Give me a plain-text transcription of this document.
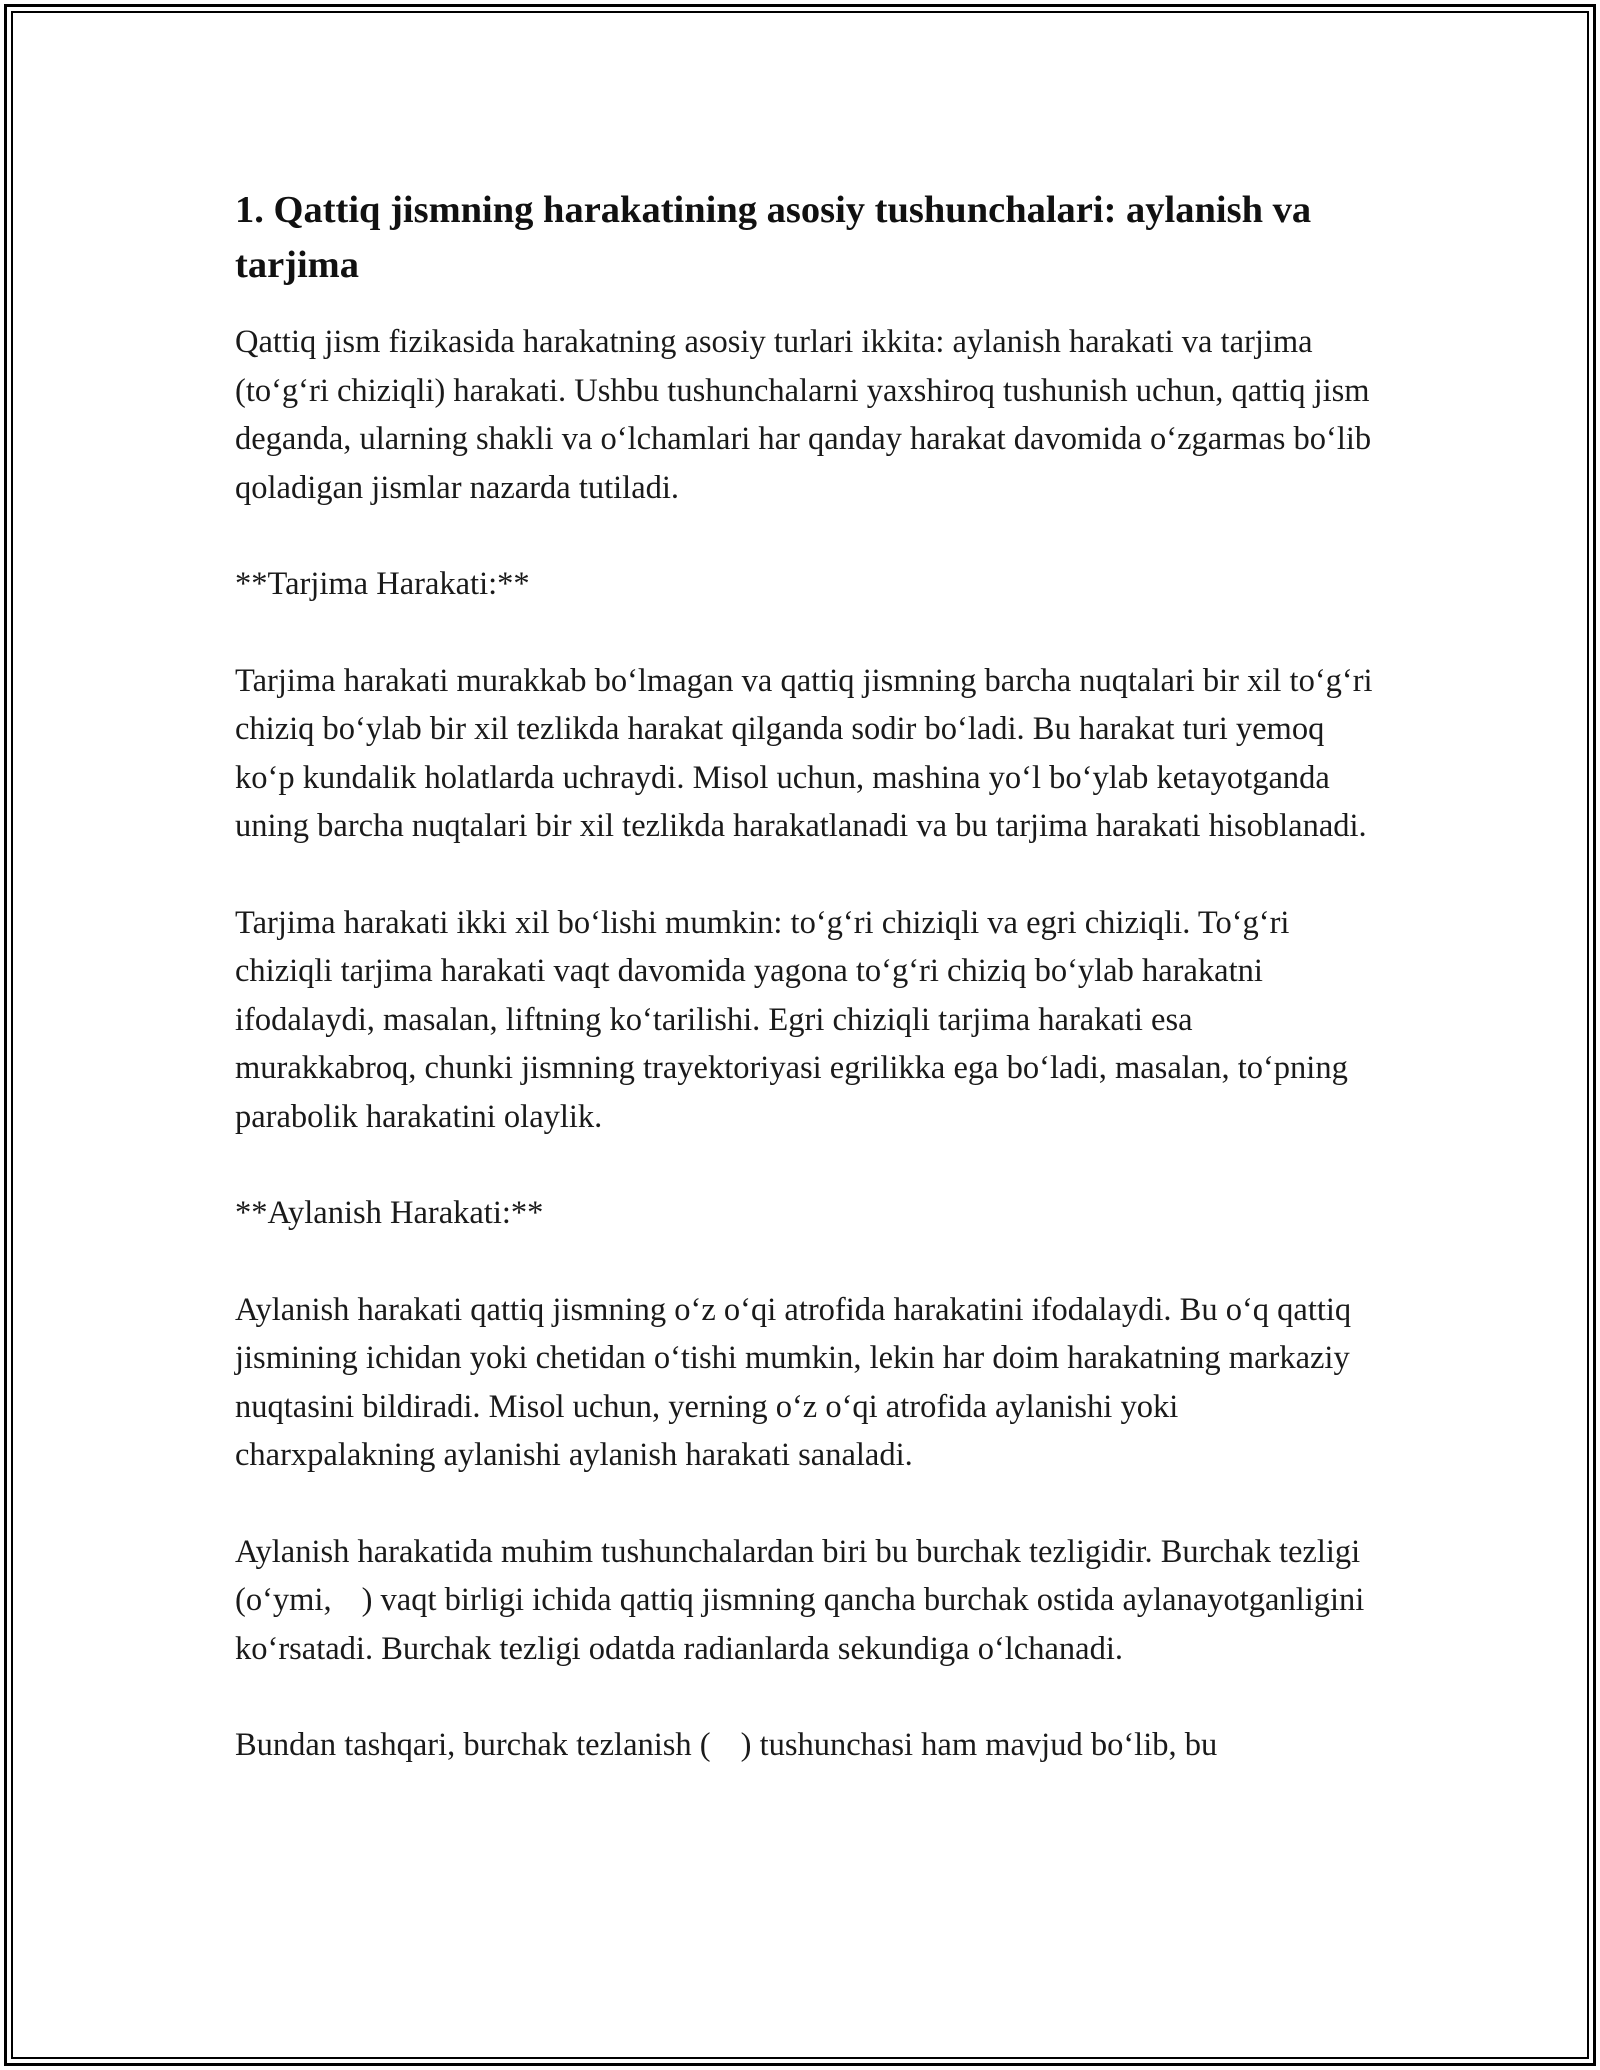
1. Qattiq jismning harakatining asosiy tushunchalari: aylanish va tarjima

Qattiq jism fizikasida harakatning asosiy turlari ikkita: aylanish harakati va tarjima (to‘g‘ri chiziqli) harakati. Ushbu tushunchalarni yaxshiroq tushunish uchun, qattiq jism deganda, ularning shakli va o‘lchamlari har qanday harakat davomida o‘zgarmas bo‘lib qoladigan jismlar nazarda tutiladi.

**Tarjima Harakati:**

Tarjima harakati murakkab bo‘lmagan va qattiq jismning barcha nuqtalari bir xil to‘g‘ri chiziq bo‘ylab bir xil tezlikda harakat qilganda sodir bo‘ladi. Bu harakat turi yemoq ko‘p kundalik holatlarda uchraydi. Misol uchun, mashina yo‘l bo‘ylab ketayotganda uning barcha nuqtalari bir xil tezlikda harakatlanadi va bu tarjima harakati hisoblanadi.

Tarjima harakati ikki xil bo‘lishi mumkin: to‘g‘ri chiziqli va egri chiziqli. To‘g‘ri chiziqli tarjima harakati vaqt davomida yagona to‘g‘ri chiziq bo‘ylab harakatni ifodalaydi, masalan, liftning ko‘tarilishi. Egri chiziqli tarjima harakati esa murakkabroq, chunki jismning trayektoriyasi egrilikka ega bo‘ladi, masalan, to‘pning parabolik harakatini olaylik.

**Aylanish Harakati:**

Aylanish harakati qattiq jismning o‘z o‘qi atrofida harakatini ifodalaydi. Bu o‘q qattiq jismining ichidan yoki chetidan o‘tishi mumkin, lekin har doim harakatning markaziy nuqtasini bildiradi. Misol uchun, yerning o‘z o‘qi atrofida aylanishi yoki charxpalakning aylanishi aylanish harakati sanaladi.

Aylanish harakatida muhim tushunchalardan biri bu burchak tezligidir. Burchak tezligi (o‘ymi, ) vaqt birligi ichida qattiq jismning qancha burchak ostida aylanayotganligini ko‘rsatadi. Burchak tezligi odatda radianlarda sekundiga o‘lchanadi.

Bundan tashqari, burchak tezlanish ( ) tushunchasi ham mavjud bo‘lib, bu
